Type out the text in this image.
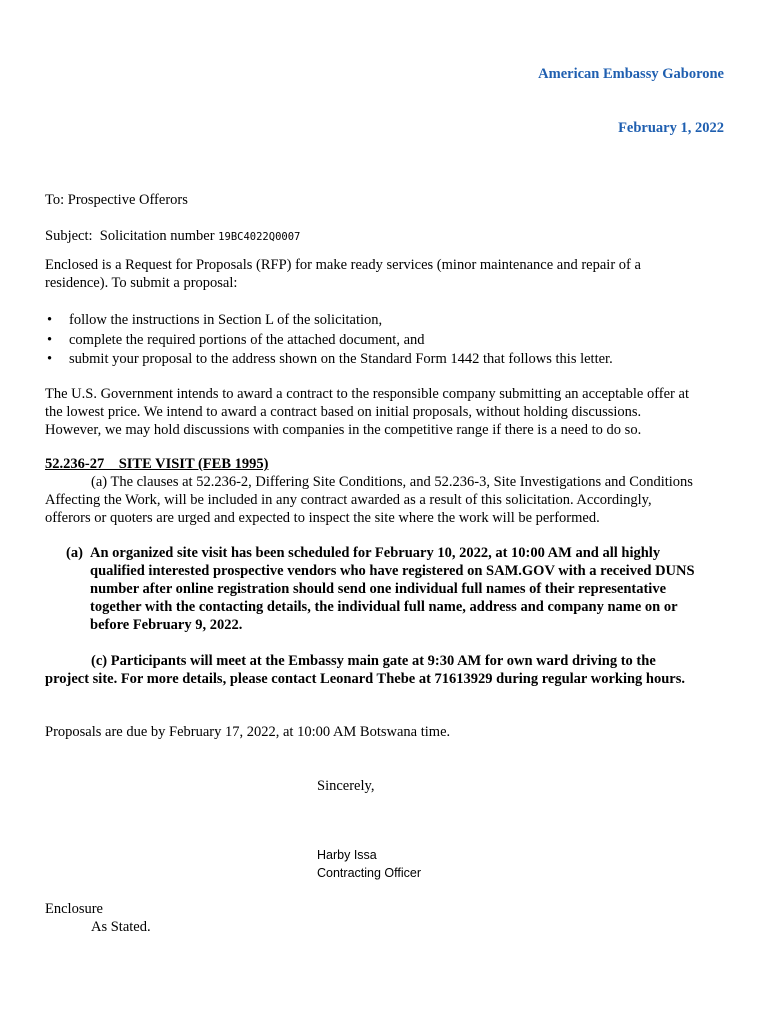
American Embassy Gaborone
February 1, 2022
To: Prospective Offerors
Subject:  Solicitation number 19BC4022Q0007
Enclosed is a Request for Proposals (RFP) for make ready services (minor maintenance and repair of a
residence). To submit a proposal:
• follow the instructions in Section L of the solicitation,
• complete the required portions of the attached document, and
• submit your proposal to the address shown on the Standard Form 1442 that follows this letter.
The U.S. Government intends to award a contract to the responsible company submitting an acceptable offer at
the lowest price. We intend to award a contract based on initial proposals, without holding discussions.
However, we may hold discussions with companies in the competitive range if there is a need to do so.
52.236-27    SITE VISIT (FEB 1995)
(a) The clauses at 52.236-2, Differing Site Conditions, and 52.236-3, Site Investigations and Conditions
Affecting the Work, will be included in any contract awarded as a result of this solicitation. Accordingly,
offerors or quoters are urged and expected to inspect the site where the work will be performed.
(a) An organized site visit has been scheduled for February 10, 2022, at 10:00 AM and all highly
qualified interested prospective vendors who have registered on SAM.GOV with a received DUNS
number after online registration should send one individual full names of their representative
together with the contacting details, the individual full name, address and company name on or
before February 9, 2022.
(c) Participants will meet at the Embassy main gate at 9:30 AM for own ward driving to the
project site. For more details, please contact Leonard Thebe at 71613929 during regular working hours.
Proposals are due by February 17, 2022, at 10:00 AM Botswana time.
Sincerely,
Harby Issa
Contracting Officer
Enclosure
As Stated.
